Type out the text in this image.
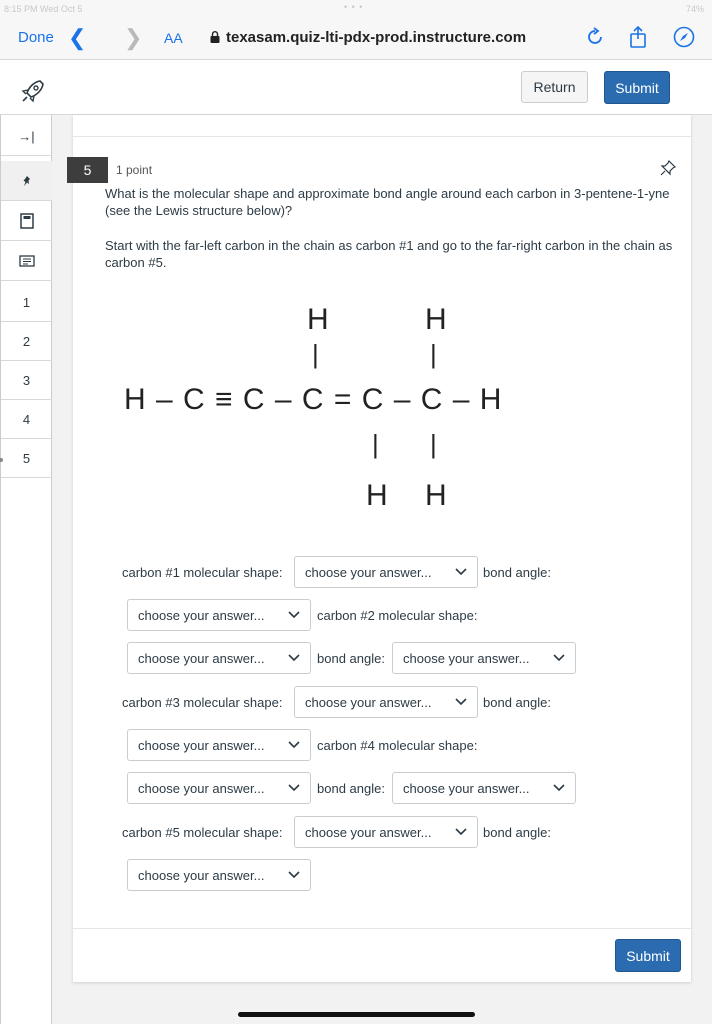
8:15 PM Wed Oct 5	• • •	74%
Done ❮ ❯ AA	texasam.quiz-lti-pdx-prod.instructure.com
Return	Submit
→|
1
2
3
4
5
5	1 point
What is the molecular shape and approximate bond angle around each carbon in 3-pentene-1-yne (see the Lewis structure below)?
Start with the far-left carbon in the chain as carbon #1 and go to the far-right carbon in the chain as carbon #5.
H	H
|	|
H – C ≡ C – C = C – C – H
| |
H H
carbon #1 molecular shape: choose your answer...	bond angle:
choose your answer...	carbon #2 molecular shape:
choose your answer...	bond angle: choose your answer...
carbon #3 molecular shape: choose your answer...	bond angle:
choose your answer...	carbon #4 molecular shape:
choose your answer...	bond angle: choose your answer...
carbon #5 molecular shape: choose your answer...	bond angle:
choose your answer...
Submit
